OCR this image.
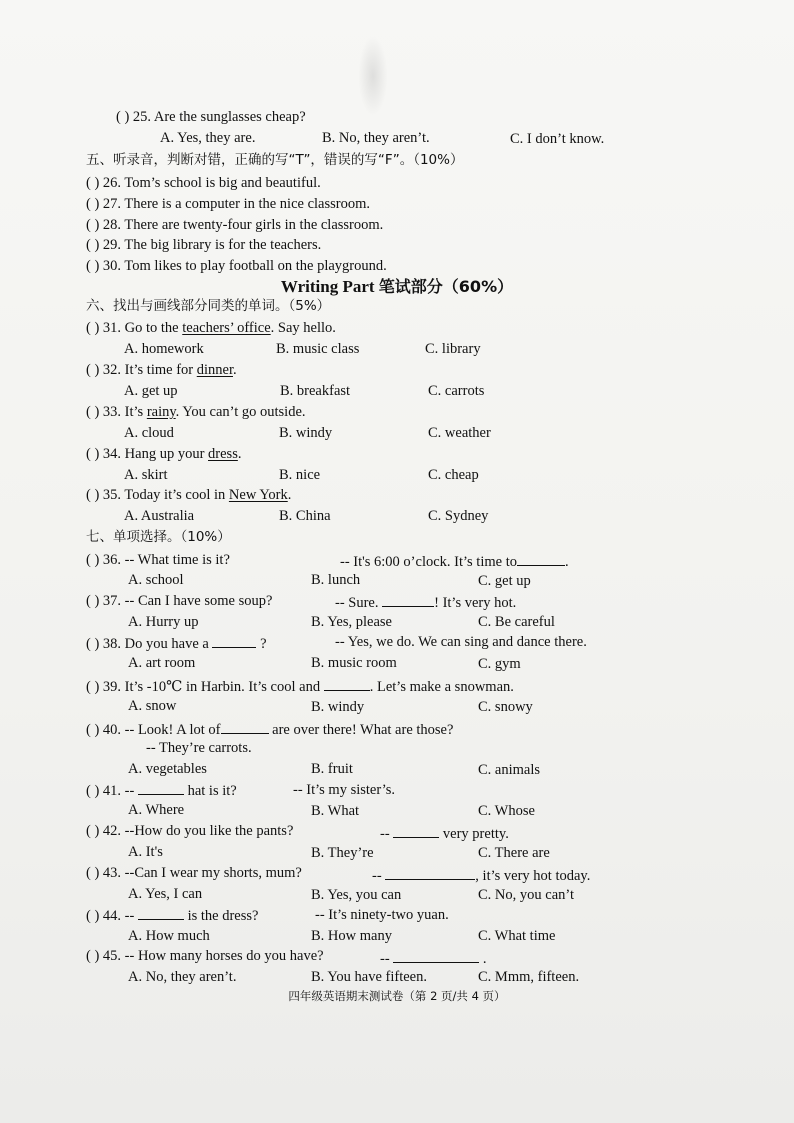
( ) 25. Are the sunglasses cheap?
A. Yes, they are.	B. No, they aren’t.	C. I don’t know.
五、听录音，判断对错，正确的写“T”，错误的写“F”。（10%）
( ) 26. Tom’s school is big and beautiful.
( ) 27. There is a computer in the nice classroom.
( ) 28. There are twenty-four girls in the classroom.
( ) 29. The big library is for the teachers.
( ) 30. Tom likes to play football on the playground.
Writing Part 笔试部分（60%）
六、找出与画线部分同类的单词。（5%）
( ) 31. Go to the teachers’ office. Say hello.
A. homework	B. music class	C. library
( ) 32. It’s time for dinner.
A. get up	B. breakfast	C. carrots
( ) 33. It’s rainy. You can’t go outside.
A. cloud	B. windy	C. weather
( ) 34. Hang up your dress.
A. skirt	B. nice	C. cheap
( ) 35. Today it’s cool in New York.
A. Australia	B. China	C. Sydney
七、单项选择。（10%）
( ) 36. -- What time is it?	-- It's 6:00 o’clock. It’s time to	.
A. school	B. lunch	C. get up
( ) 37. -- Can I have some soup?	-- Sure.	! It’s very hot.
A. Hurry up	B. Yes, please	C. Be careful
( ) 38. Do you have a	?	-- Yes, we do. We can sing and dance there.
A. art room	B. music room	C. gym
( ) 39. It’s -10℃ in Harbin. It’s cool and	. Let’s make a snowman.
A. snow	B. windy	C. snowy
( ) 40. -- Look! A lot of	are over there! What are those?
-- They’re carrots.
A. vegetables	B. fruit	C. animals
( ) 41. --	hat is it?	-- It’s my sister’s.
A. Where	B. What	C. Whose
( ) 42. --How do you like the pants?	--	very pretty.
A. It's	B. They’re	C. There are
( ) 43. --Can I wear my shorts, mum?	--	, it’s very hot today.
A. Yes, I can	B. Yes, you can	C. No, you can’t
( ) 44. --	is the dress?	-- It’s ninety-two yuan.
A. How much	B. How many	C. What time
( ) 45. -- How many horses do you have?	--	.
A. No, they aren’t.	B. You have fifteen.	C. Mmm, fifteen.
四年级英语期末测试卷（第 2 页/共 4 页）
